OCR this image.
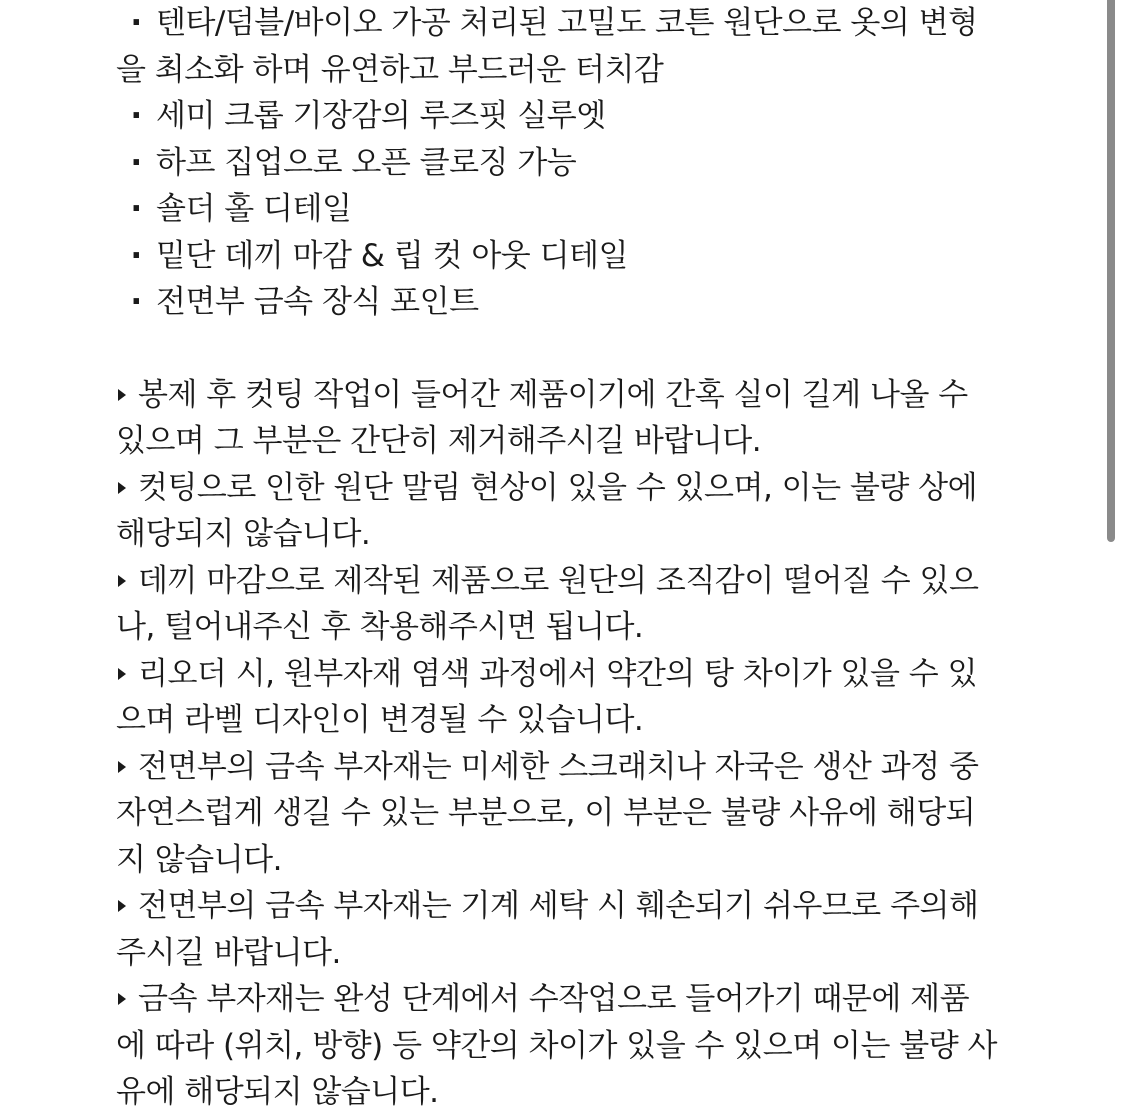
· 텐타/덤블/바이오 가공 처리된 고밀도 코튼 원단으로 옷의 변형
을 최소화 하며 유연하고 부드러운 터치감
· 세미 크롭 기장감의 루즈핏 실루엣
· 하프 집업으로 오픈 클로징 가능
· 숄더 홀 디테일
· 밑단 데끼 마감 & 립 컷 아웃 디테일
· 전면부 금속 장식 포인트
봉제 후 컷팅 작업이 들어간 제품이기에 간혹 실이 길게 나올 수
있으며 그 부분은 간단히 제거해주시길 바랍니다.
컷팅으로 인한 원단 말림 현상이 있을 수 있으며, 이는 불량 상에
해당되지 않습니다.
데끼 마감으로 제작된 제품으로 원단의 조직감이 떨어질 수 있으
나, 털어내주신 후 착용해주시면 됩니다.
리오더 시, 원부자재 염색 과정에서 약간의 탕 차이가 있을 수 있
으며 라벨 디자인이 변경될 수 있습니다.
전면부의 금속 부자재는 미세한 스크래치나 자국은 생산 과정 중
자연스럽게 생길 수 있는 부분으로, 이 부분은 불량 사유에 해당되
지 않습니다.
전면부의 금속 부자재는 기계 세탁 시 훼손되기 쉬우므로 주의해
주시길 바랍니다.
금속 부자재는 완성 단계에서 수작업으로 들어가기 때문에 제품
에 따라 (위치, 방향) 등 약간의 차이가 있을 수 있으며 이는 불량 사
유에 해당되지 않습니다.
